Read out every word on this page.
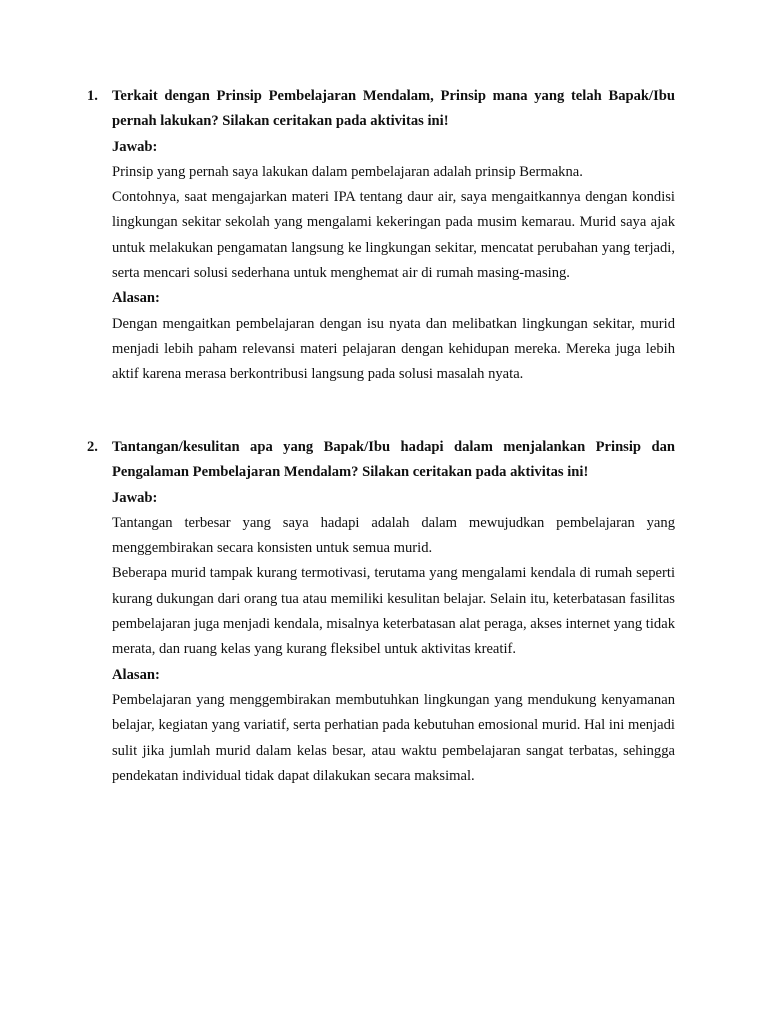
1. Terkait dengan Prinsip Pembelajaran Mendalam, Prinsip mana yang telah Bapak/Ibu pernah lakukan? Silakan ceritakan pada aktivitas ini!

Jawab:

Prinsip yang pernah saya lakukan dalam pembelajaran adalah prinsip Bermakna.

Contohnya, saat mengajarkan materi IPA tentang daur air, saya mengaitkannya dengan kondisi lingkungan sekitar sekolah yang mengalami kekeringan pada musim kemarau. Murid saya ajak untuk melakukan pengamatan langsung ke lingkungan sekitar, mencatat perubahan yang terjadi, serta mencari solusi sederhana untuk menghemat air di rumah masing-masing.

Alasan:

Dengan mengaitkan pembelajaran dengan isu nyata dan melibatkan lingkungan sekitar, murid menjadi lebih paham relevansi materi pelajaran dengan kehidupan mereka. Mereka juga lebih aktif karena merasa berkontribusi langsung pada solusi masalah nyata.

2. Tantangan/kesulitan apa yang Bapak/Ibu hadapi dalam menjalankan Prinsip dan Pengalaman Pembelajaran Mendalam? Silakan ceritakan pada aktivitas ini!

Jawab:

Tantangan terbesar yang saya hadapi adalah dalam mewujudkan pembelajaran yang menggembirakan secara konsisten untuk semua murid.

Beberapa murid tampak kurang termotivasi, terutama yang mengalami kendala di rumah seperti kurang dukungan dari orang tua atau memiliki kesulitan belajar. Selain itu, keterbatasan fasilitas pembelajaran juga menjadi kendala, misalnya keterbatasan alat peraga, akses internet yang tidak merata, dan ruang kelas yang kurang fleksibel untuk aktivitas kreatif.

Alasan:

Pembelajaran yang menggembirakan membutuhkan lingkungan yang mendukung kenyamanan belajar, kegiatan yang variatif, serta perhatian pada kebutuhan emosional murid. Hal ini menjadi sulit jika jumlah murid dalam kelas besar, atau waktu pembelajaran sangat terbatas, sehingga pendekatan individual tidak dapat dilakukan secara maksimal.
